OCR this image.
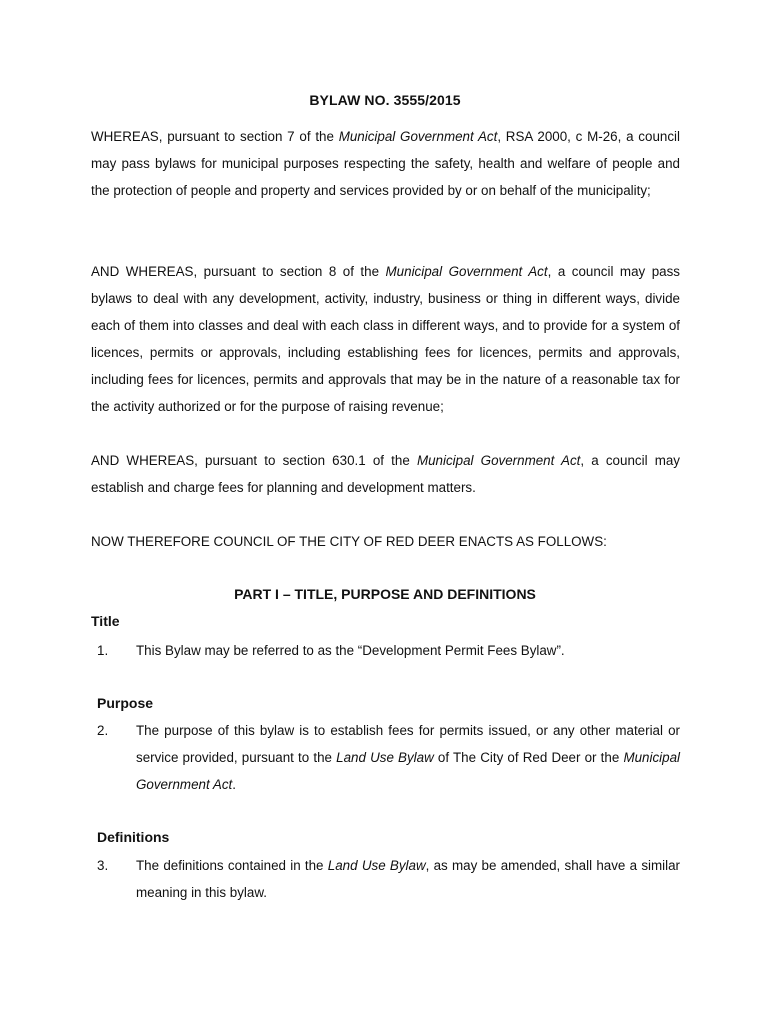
BYLAW NO. 3555/2015

WHEREAS, pursuant to section 7 of the Municipal Government Act, RSA 2000, c M-26, a council may pass bylaws for municipal purposes respecting the safety, health and welfare of people and the protection of people and property and services provided by or on behalf of the municipality;

AND WHEREAS, pursuant to section 8 of the Municipal Government Act, a council may pass bylaws to deal with any development, activity, industry, business or thing in different ways, divide each of them into classes and deal with each class in different ways, and to provide for a system of licences, permits or approvals, including establishing fees for licences, permits and approvals, including fees for licences, permits and approvals that may be in the nature of a reasonable tax for the activity authorized or for the purpose of raising revenue;

AND WHEREAS, pursuant to section 630.1 of the Municipal Government Act, a council may establish and charge fees for planning and development matters.

NOW THEREFORE COUNCIL OF THE CITY OF RED DEER ENACTS AS FOLLOWS:

PART I – TITLE, PURPOSE AND DEFINITIONS

Title

1. This Bylaw may be referred to as the “Development Permit Fees Bylaw”.

Purpose

2. The purpose of this bylaw is to establish fees for permits issued, or any other material or service provided, pursuant to the Land Use Bylaw of The City of Red Deer or the Municipal Government Act.

Definitions

3. The definitions contained in the Land Use Bylaw, as may be amended, shall have a similar meaning in this bylaw.
